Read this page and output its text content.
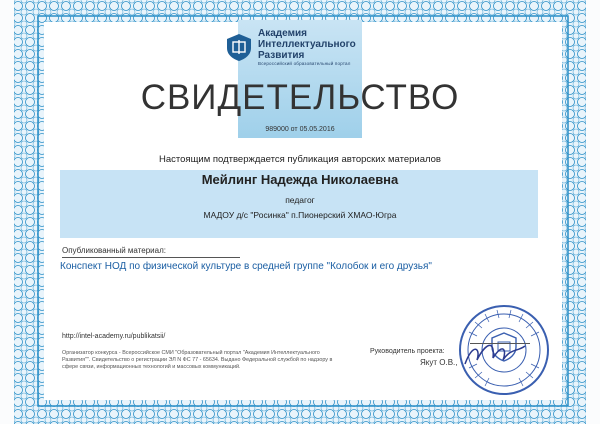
Академия
Интеллектуального
Развития
Всероссийский образовательный портал
СВИДЕТЕЛЬСТВО
989000 от 05.05.2016
Настоящим подтверждается публикация авторских материалов
Мейлинг Надежда Николаевна
педагог
МАДОУ д/с "Росинка" п.Пионерский ХМАО-Югра
Опубликованный материал:
Конспект НОД по физической культуре в средней группе "Колобок и его друзья"
http://intel-academy.ru/publikatsii/
Организатор конкурса - Всероссийское СМИ "Образовательный портал "Академия Интеллектуального Развития"". Свидетельство о регистрации ЭЛ N ФС 77 - 65634. Выдано Федеральной службой по надзору в сфере связи, информационных технологий и массовых коммуникаций.
Руководитель проекта:
Якут О.В.,
